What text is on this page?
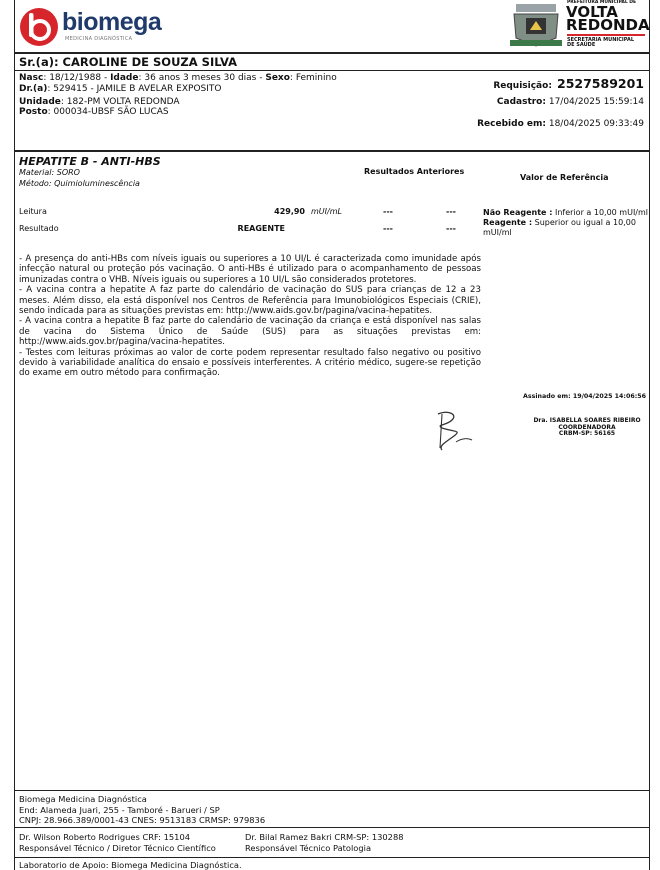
biomega
MEDICINA DIAGNÓSTICA
PREFEITURA MUNICIPAL DE
VOLTA
REDONDA
SECRETARIA MUNICIPAL
DE SAÚDE
Sr.(a): CAROLINE DE SOUZA SILVA
Nasc: 18/12/1988 - Idade: 36 anos 3 meses 30 dias - Sexo: Feminino
Dr.(a): 529415 - JAMILE B AVELAR EXPOSITO
Unidade: 182-PM VOLTA REDONDA
Posto: 000034-UBSF SÃO LUCAS
Requisição: 2527589201
Cadastro: 17/04/2025 15:59:14
Recebido em: 18/04/2025 09:33:49
HEPATITE B - ANTI-HBS
Material: SORO
Método: Quimioluminescência
Resultados Anteriores
Valor de Referência
Leitura	429,90 mUI/mL	---	---
Resultado	REAGENTE	---	---
Não Reagente : Inferior a 10,00 mUI/ml
Reagente : Superior ou igual a 10,00 mUI/ml

- A presença do anti-HBs com níveis iguais ou superiores a 10 UI/L é caracterizada como imunidade após infecção natural ou proteção pós vacinação. O anti-HBs é utilizado para o acompanhamento de pessoas imunizadas contra o VHB. Níveis iguais ou superiores a 10 UI/L são considerados protetores.

- A vacina contra a hepatite A faz parte do calendário de vacinação do SUS para crianças de 12 a 23 meses. Além disso, ela está disponível nos Centros de Referência para Imunobiológicos Especiais (CRIE), sendo indicada para as situações previstas em: http://www.aids.gov.br/pagina/vacina-hepatites.

- A vacina contra a hepatite B faz parte do calendário de vacinação da criança e está disponível nas salas de vacina do Sistema Único de Saúde (SUS) para as situações previstas em: http://www.aids.gov.br/pagina/vacina-hepatites.

- Testes com leituras próximas ao valor de corte podem representar resultado falso negativo ou positivo devido à variabilidade analítica do ensaio e possíveis interferentes. A critério médico, sugere-se repetição do exame em outro método para confirmação.

Assinado em: 19/04/2025 14:06:56
Dra. ISABELLA SOARES RIBEIRO
COORDENADORA
CRBM-SP: 56165
Biomega Medicina Diagnóstica
End: Alameda Juari, 255 - Tamboré - Barueri / SP
CNPJ: 28.966.389/0001-43 CNES: 9513183 CRMSP: 979836
Dr. Wilson Roberto Rodrigues CRF: 15104
Responsável Técnico / Diretor Técnico Científico
Dr. Bilal Ramez Bakri CRM-SP: 130288
Responsável Técnico Patologia
Laboratorio de Apoio: Biomega Medicina Diagnóstica.
